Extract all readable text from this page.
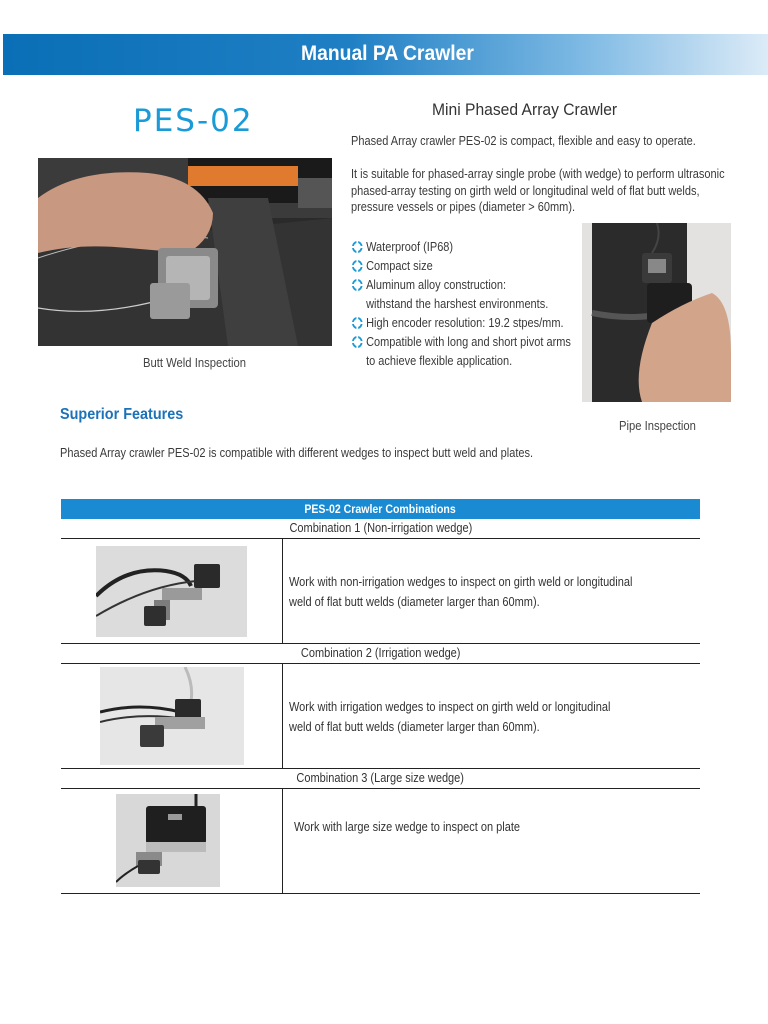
Manual PA Crawler
PES-02
Butt Weld Inspection
Mini Phased Array Crawler
Phased Array crawler PES-02 is compact, flexible and easy to operate.
It is suitable for phased-array single probe (with wedge) to perform ultrasonic phased-array testing on girth weld or longitudinal weld of flat butt welds, pressure vessels or pipes (diameter > 60mm).
Waterproof (IP68)
Compact size
Aluminum alloy construction:
withstand the harshest environments.
High encoder resolution: 19.2 stpes/mm.
Compatible with long and short pivot arms
to achieve flexible application.
Pipe Inspection
Superior Features
Phased Array crawler PES-02 is compatible with different wedges to inspect butt weld and plates.
PES-02 Crawler Combinations
Combination 1 (Non-irrigation wedge)
Work with non-irrigation wedges to inspect on girth weld or longitudinal weld of flat butt welds (diameter larger than 60mm).
Combination 2 (Irrigation wedge)
Work with irrigation wedges to inspect on girth weld or longitudinal weld of flat butt welds (diameter larger than 60mm).
Combination 3 (Large size wedge)
Work with large size wedge to inspect on plate
